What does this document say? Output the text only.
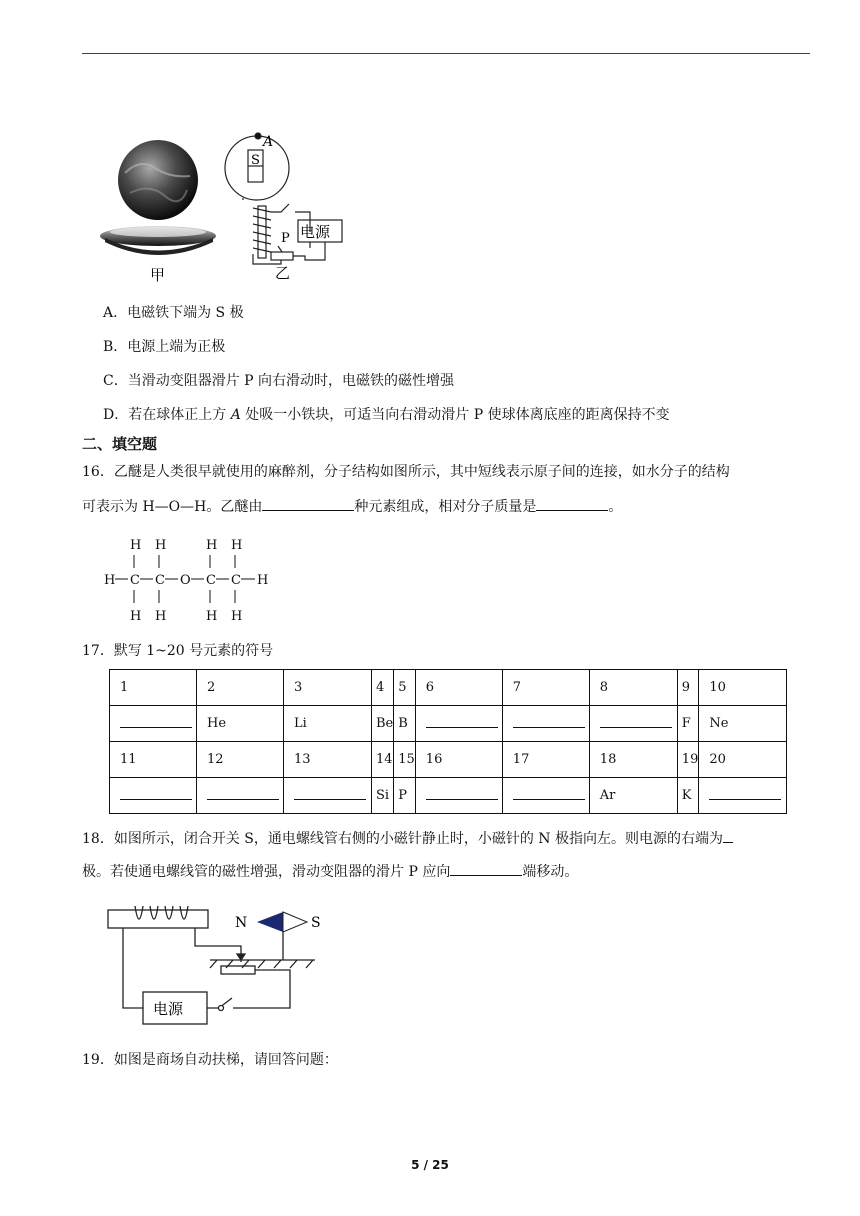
甲
A
S
P 电源
乙
A．电磁铁下端为 S 极
B．电源上端为正极
C．当滑动变阻器滑片 P 向右滑动时，电磁铁的磁性增强
D．若在球体正上方 A 处吸一小铁块，可适当向右滑动滑片 P 使球体离底座的距离保持不变
二、填空题
16．乙醚是人类很早就使用的麻醉剂，分子结构如图所示，其中短线表示原子间的连接，如水分子的结构
可表示为 H—O—H。乙醚由	种元素组成，相对分子质量是	。
H H	H H
H C C O C C H
H H	H H
17．默写 1~20 号元素的符号
1	2	3	4	5	6	7	8	9	10
	He	Li	Be	B				F	Ne
11	12	13	14	15	16	17	18	19	20
			Si	P			Ar	K	
18．如图所示，闭合开关 S，通电螺线管右侧的小磁针静止时，小磁针的 N 极指向左。则电源的右端为
极。若使通电螺线管的磁性增强，滑动变阻器的滑片 P 应向	端移动。
N	S
电源
19．如图是商场自动扶梯，请回答问题：
5 / 25
